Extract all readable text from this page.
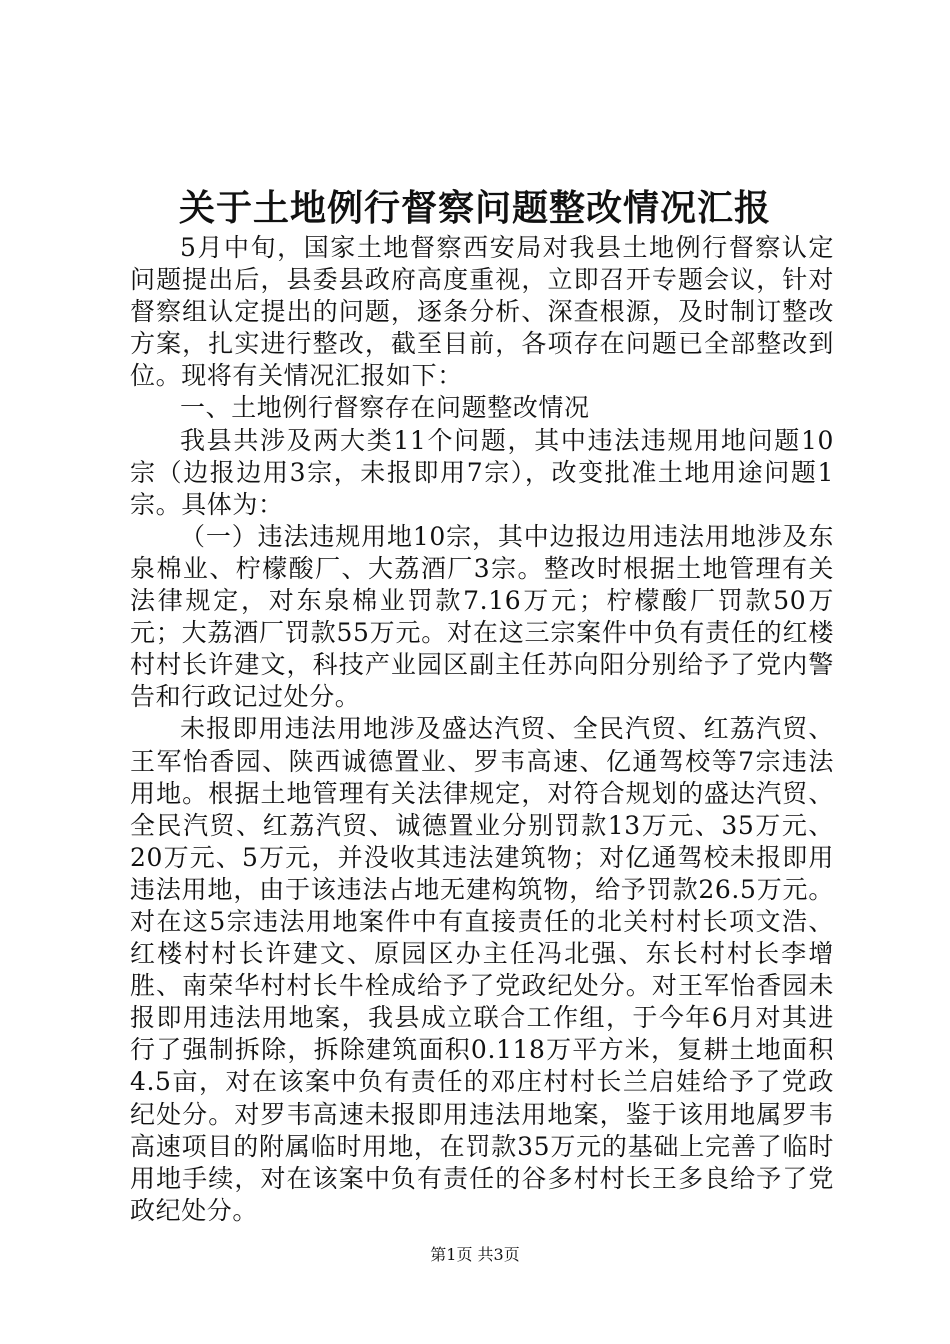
关于土地例行督察问题整改情况汇报

5月中旬，国家土地督察西安局对我县土地例行督察认定问题提出后，县委县政府高度重视，立即召开专题会议，针对督察组认定提出的问题，逐条分析、深查根源，及时制订整改方案，扎实进行整改，截至目前，各项存在问题已全部整改到位。现将有关情况汇报如下：

一、土地例行督察存在问题整改情况

我县共涉及两大类11个问题，其中违法违规用地问题10宗（边报边用3宗，未报即用7宗），改变批准土地用途问题1宗。具体为：

（一）违法违规用地10宗，其中边报边用违法用地涉及东泉棉业、柠檬酸厂、大荔酒厂3宗。整改时根据土地管理有关法律规定，对东泉棉业罚款7.16万元；柠檬酸厂罚款50万元；大荔酒厂罚款55万元。对在这三宗案件中负有责任的红楼村村长许建文，科技产业园区副主任苏向阳分别给予了党内警告和行政记过处分。

未报即用违法用地涉及盛达汽贸、全民汽贸、红荔汽贸、王军怡香园、陕西诚德置业、罗韦高速、亿通驾校等7宗违法用地。根据土地管理有关法律规定，对符合规划的盛达汽贸、全民汽贸、红荔汽贸、诚德置业分别罚款13万元、35万元、20万元、5万元，并没收其违法建筑物；对亿通驾校未报即用违法用地，由于该违法占地无建构筑物，给予罚款26.5万元。对在这5宗违法用地案件中有直接责任的北关村村长项文浩、红楼村村长许建文、原园区办主任冯北强、东长村村长李增胜、南荣华村村长牛栓成给予了党政纪处分。对王军怡香园未报即用违法用地案，我县成立联合工作组，于今年6月对其进行了强制拆除，拆除建筑面积0.118万平方米，复耕土地面积4.5亩，对在该案中负有责任的邓庄村村长兰启娃给予了党政纪处分。对罗韦高速未报即用违法用地案，鉴于该用地属罗韦高速项目的附属临时用地，在罚款35万元的基础上完善了临时用地手续，对在该案中负有责任的谷多村村长王多良给予了党政纪处分。

第1页 共3页
